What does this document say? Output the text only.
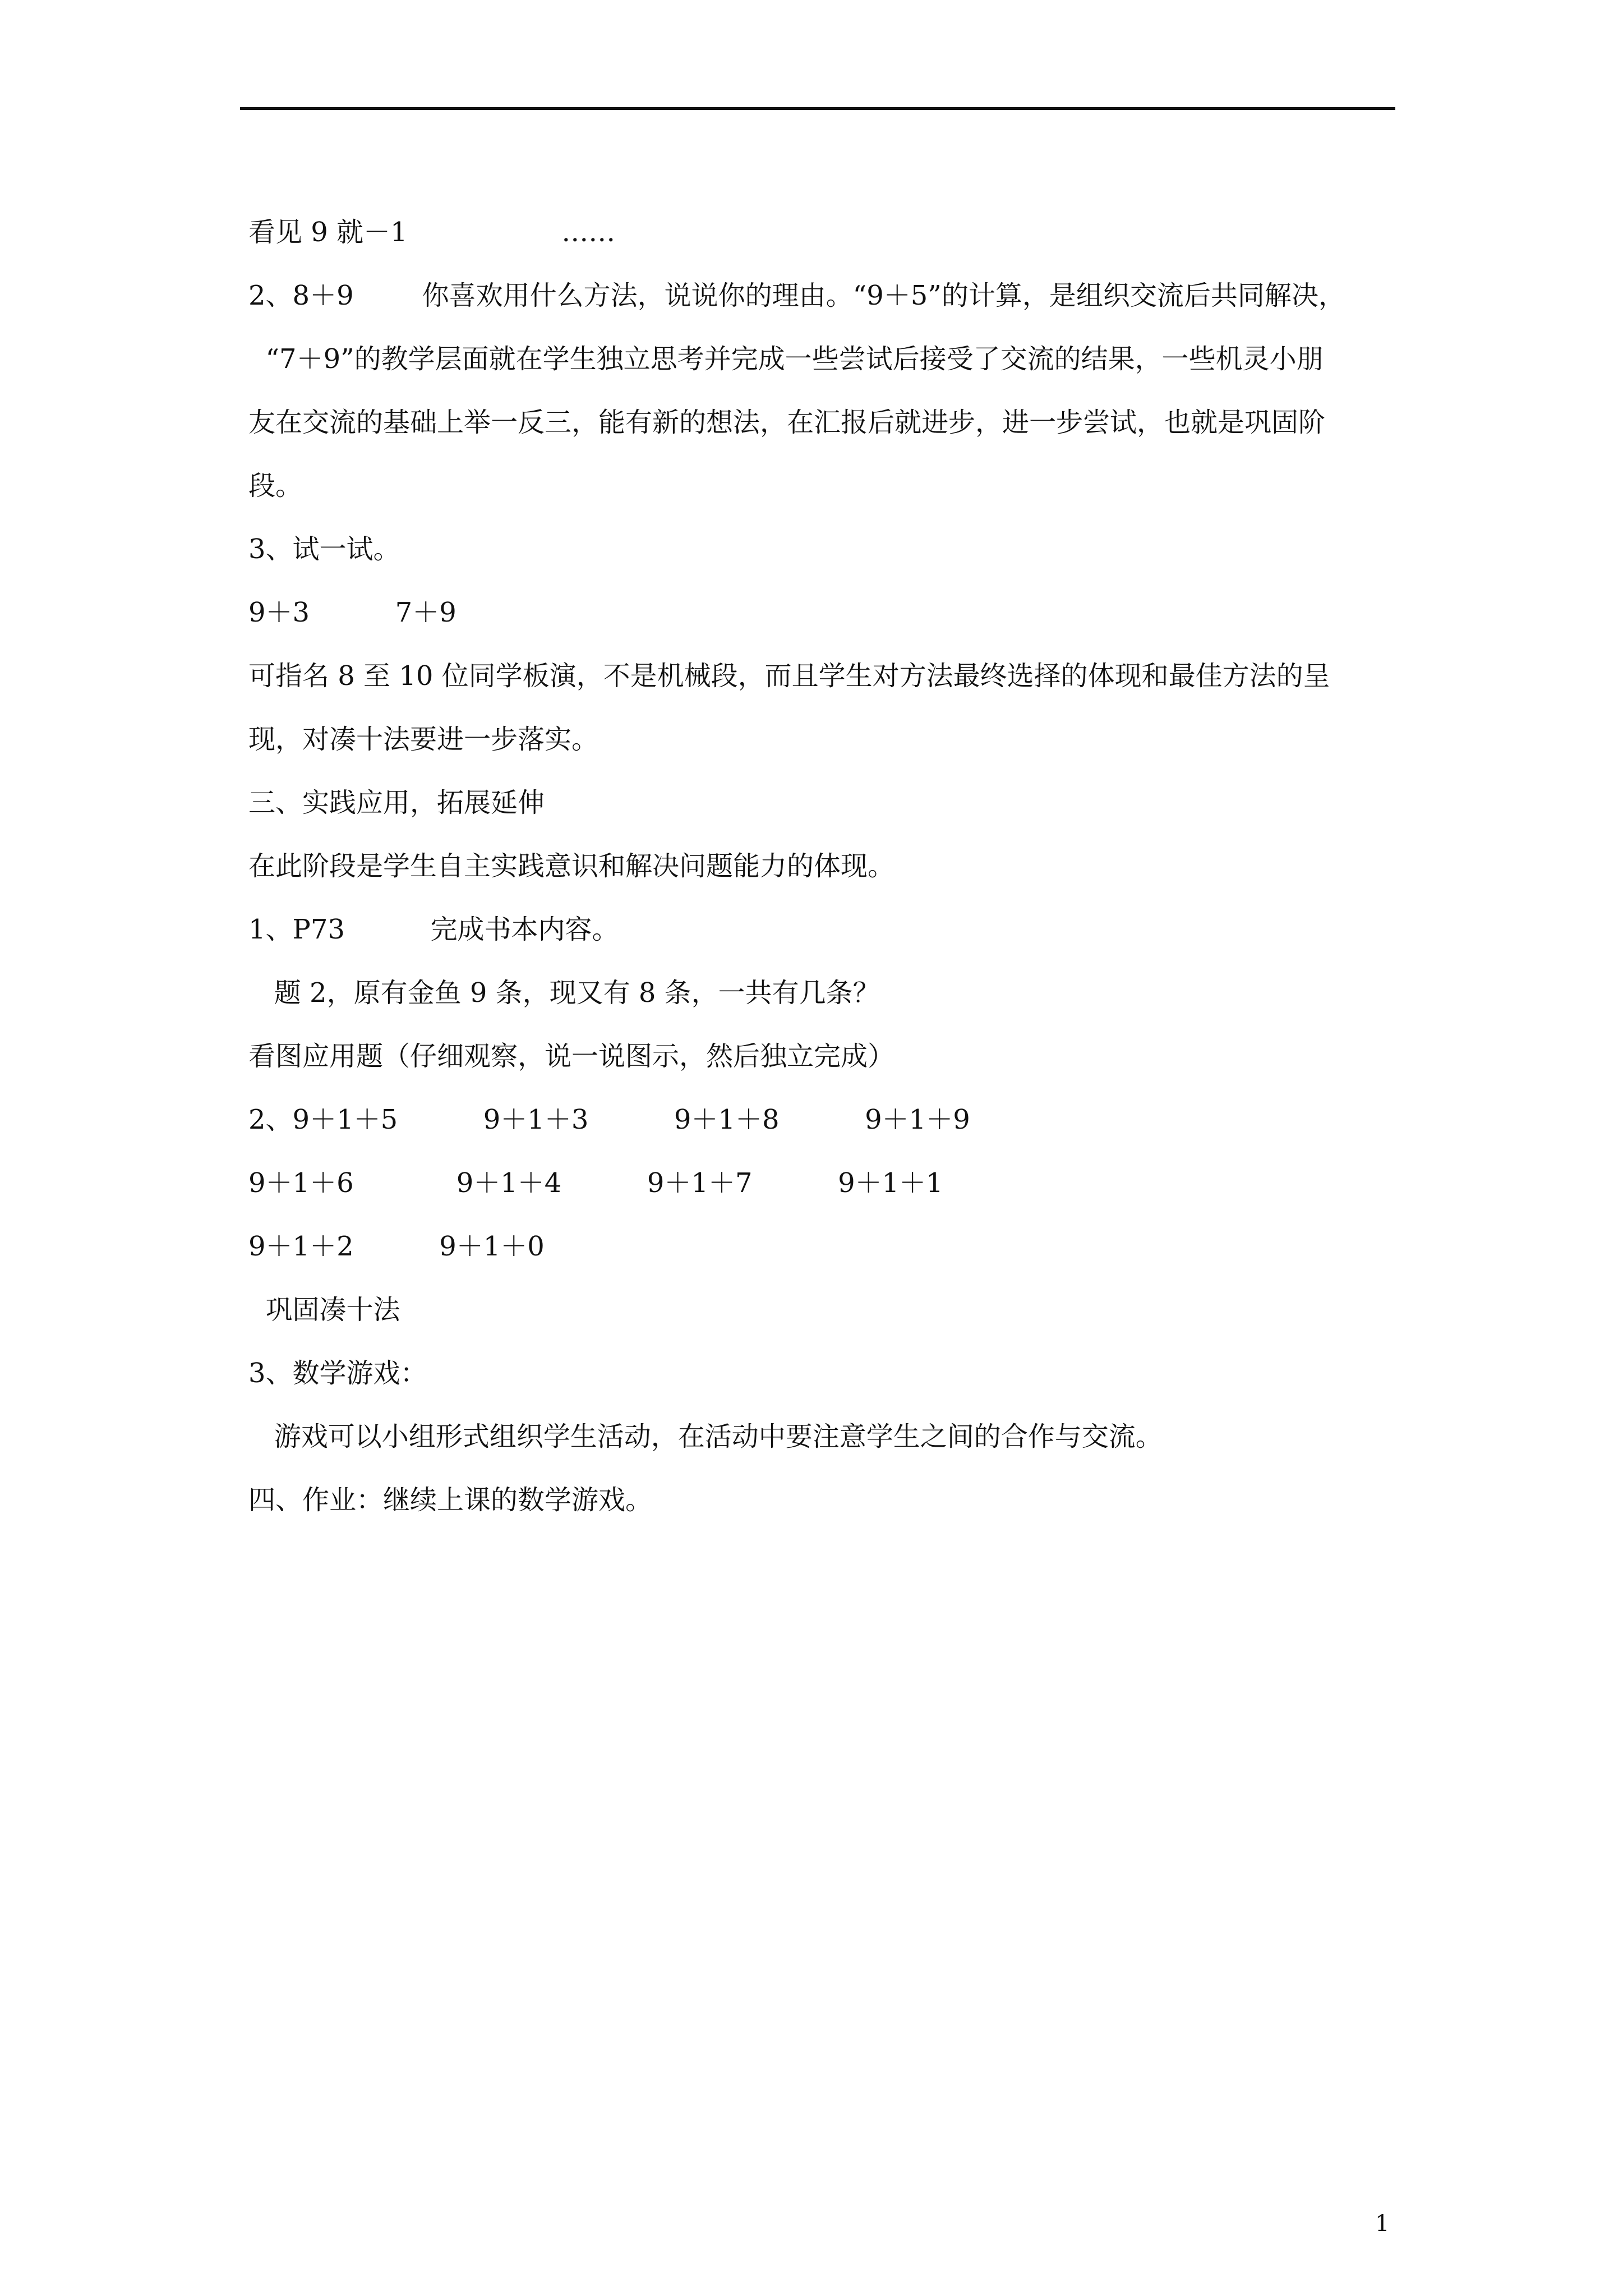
看见 9 就－1                  ……

2、8＋9        你喜欢用什么方法，说说你的理由。“9＋5”的计算，是组织交流后共同解决，

“7＋9”的教学层面就在学生独立思考并完成一些尝试后接受了交流的结果，一些机灵小朋

友在交流的基础上举一反三，能有新的想法，在汇报后就进步，进一步尝试，也就是巩固阶

段。

3、试一试。

9＋3          7＋9

可指名 8 至 10 位同学板演，不是机械段，而且学生对方法最终选择的体现和最佳方法的呈

现，对凑十法要进一步落实。

三、实践应用，拓展延伸

在此阶段是学生自主实践意识和解决问题能力的体现。

1、P73          完成书本内容。

题 2，原有金鱼 9 条，现又有 8 条，一共有几条？

看图应用题（仔细观察，说一说图示，然后独立完成）

2、9＋1＋5          9＋1＋3          9＋1＋8          9＋1＋9

9＋1＋6            9＋1＋4          9＋1＋7          9＋1＋1

9＋1＋2          9＋1＋0

巩固凑十法

3、数学游戏：

游戏可以小组形式组织学生活动，在活动中要注意学生之间的合作与交流。

四、作业：继续上课的数学游戏。

1
